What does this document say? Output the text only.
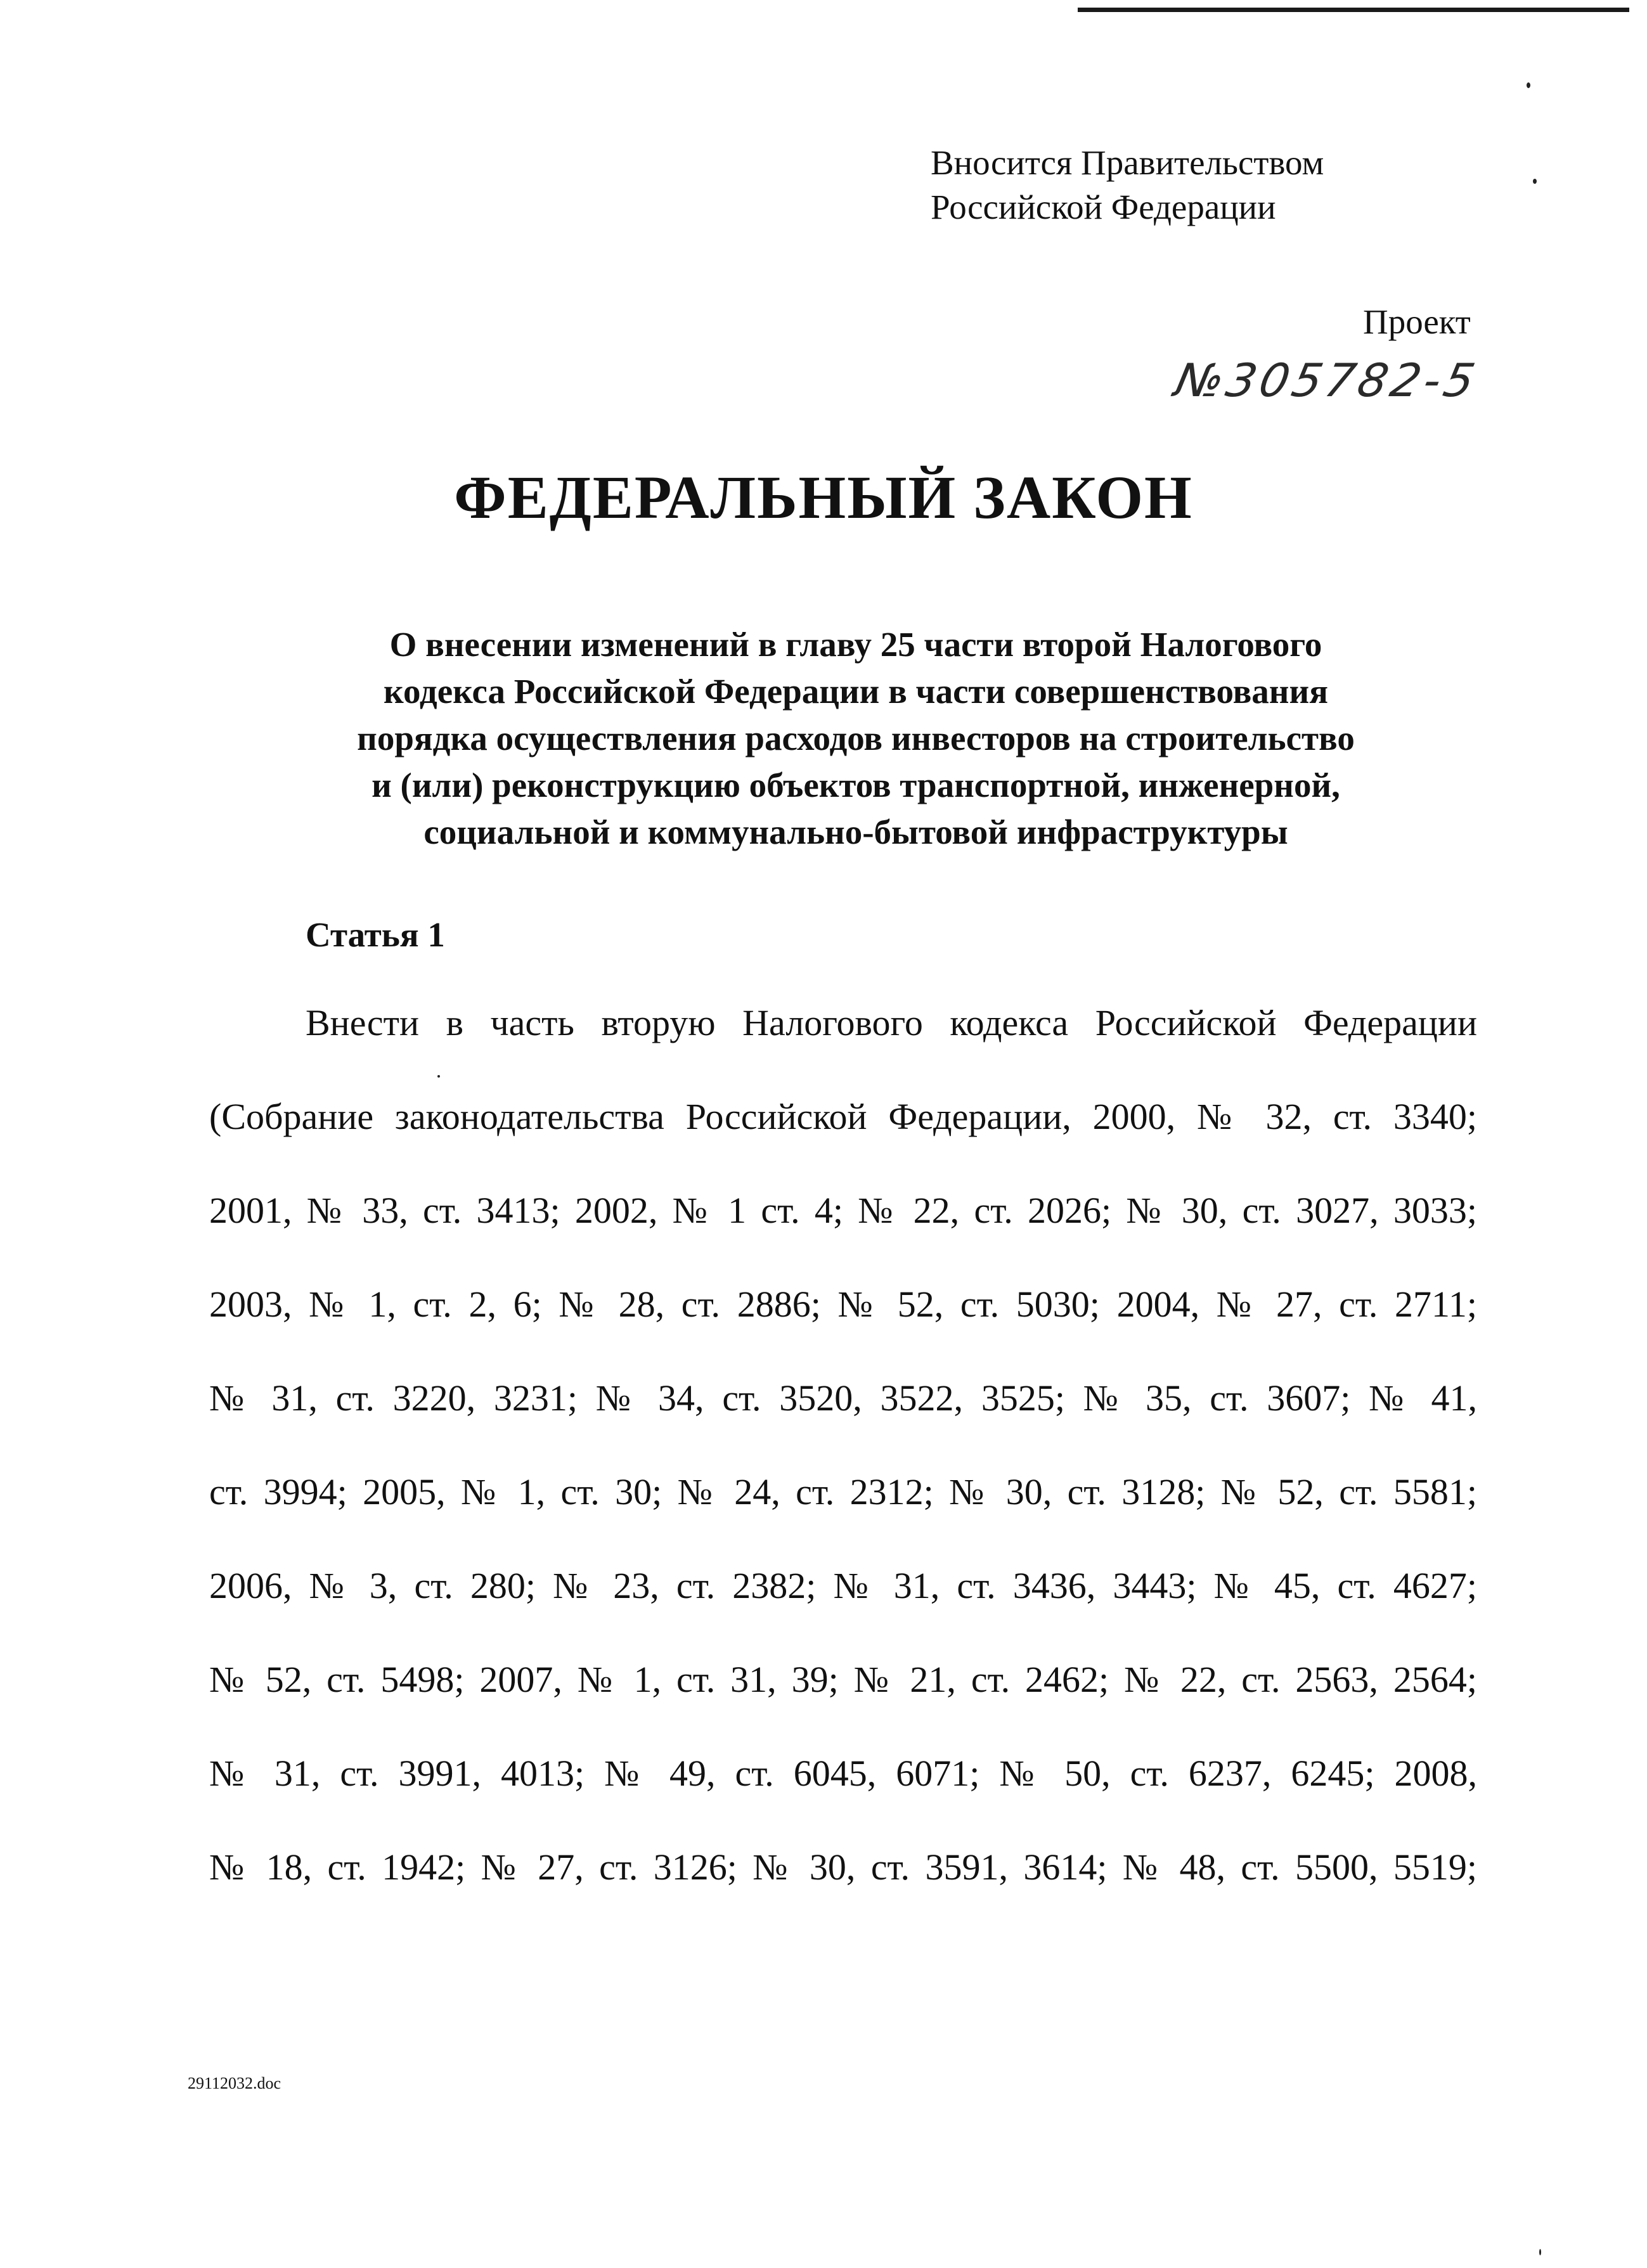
Вносится Правительством
Российской Федерации
Проект
№305782-5
ФЕДЕРАЛЬНЫЙ ЗАКОН
О внесении изменений в главу 25 части второй Налогового
кодекса Российской Федерации в части совершенствования
порядка осуществления расходов инвесторов на строительство
и (или) реконструкцию объектов транспортной, инженерной,
социальной и коммунально-бытовой инфраструктуры
Статья 1
Внести в часть вторую Налогового кодекса Российской Федерации
(Собрание законодательства Российской Федерации, 2000, № 32, ст. 3340;
2001, № 33, ст. 3413; 2002, № 1 ст. 4; № 22, ст. 2026; № 30, ст. 3027, 3033;
2003, № 1, ст. 2, 6; № 28, ст. 2886; № 52, ст. 5030; 2004, № 27, ст. 2711;
№ 31, ст. 3220, 3231; № 34, ст. 3520, 3522, 3525; № 35, ст. 3607; № 41,
ст. 3994; 2005, № 1, ст. 30; № 24, ст. 2312; № 30, ст. 3128; № 52, ст. 5581;
2006, № 3, ст. 280; № 23, ст. 2382; № 31, ст. 3436, 3443; № 45, ст. 4627;
№ 52, ст. 5498; 2007, № 1, ст. 31, 39; № 21, ст. 2462; № 22, ст. 2563, 2564;
№ 31, ст. 3991, 4013; № 49, ст. 6045, 6071; № 50, ст. 6237, 6245; 2008,
№ 18, ст. 1942; № 27, ст. 3126; № 30, ст. 3591, 3614; № 48, ст. 5500, 5519;
29112032.doc
